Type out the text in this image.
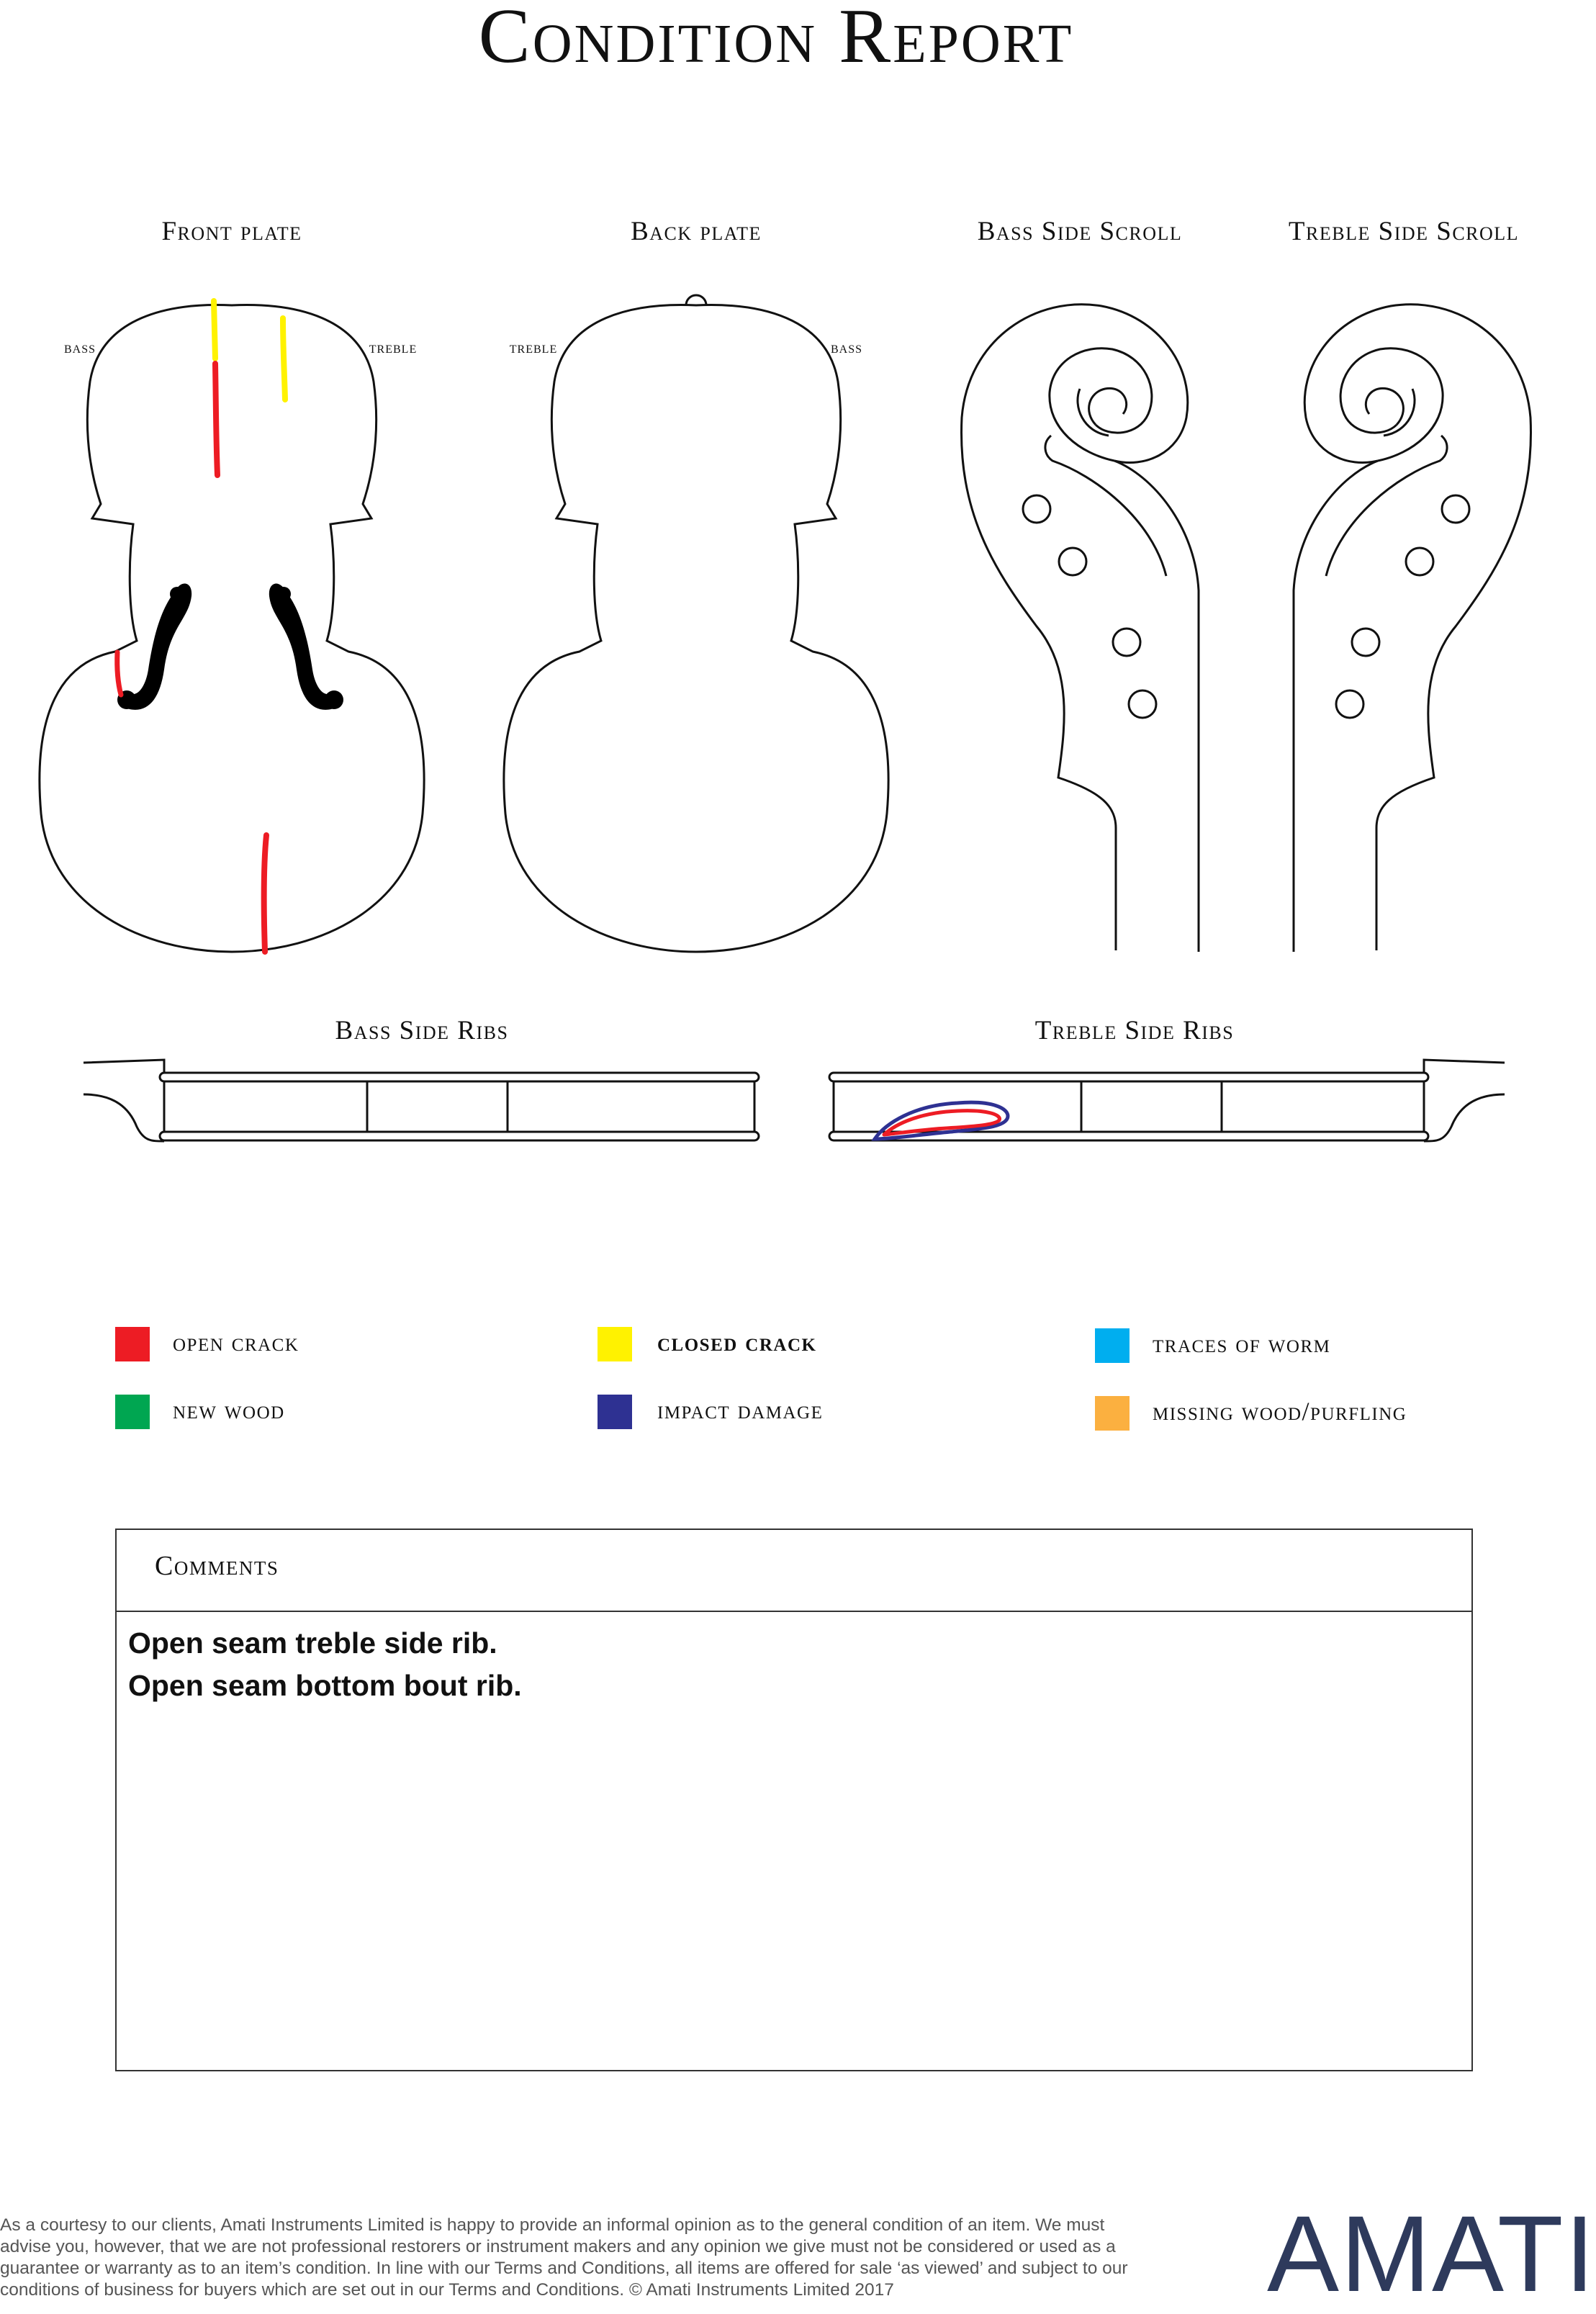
Condition Report
Front plate	Back plate	Bass Side Scroll	Treble Side Scroll
Bass Side Ribs	Treble Side Ribs
bass	treble	treble	bass
open crack	closed crack	traces of worm
new wood	impact damage	missing wood/purfling
Comments
Open seam treble side rib.
Open seam bottom bout rib.
As a courtesy to our clients, Amati Instruments Limited is happy to provide an informal opinion as to the general condition of an item. We must advise you, however, that we are not professional restorers or instrument makers and any opinion we give must not be considered or used as a guarantee or warranty as to an item’s condition. In line with our Terms and Conditions, all items are offered for sale ‘as viewed’ and subject to our conditions of business for buyers which are set out in our Terms and Conditions. © Amati Instruments Limited 2017	AMATI
